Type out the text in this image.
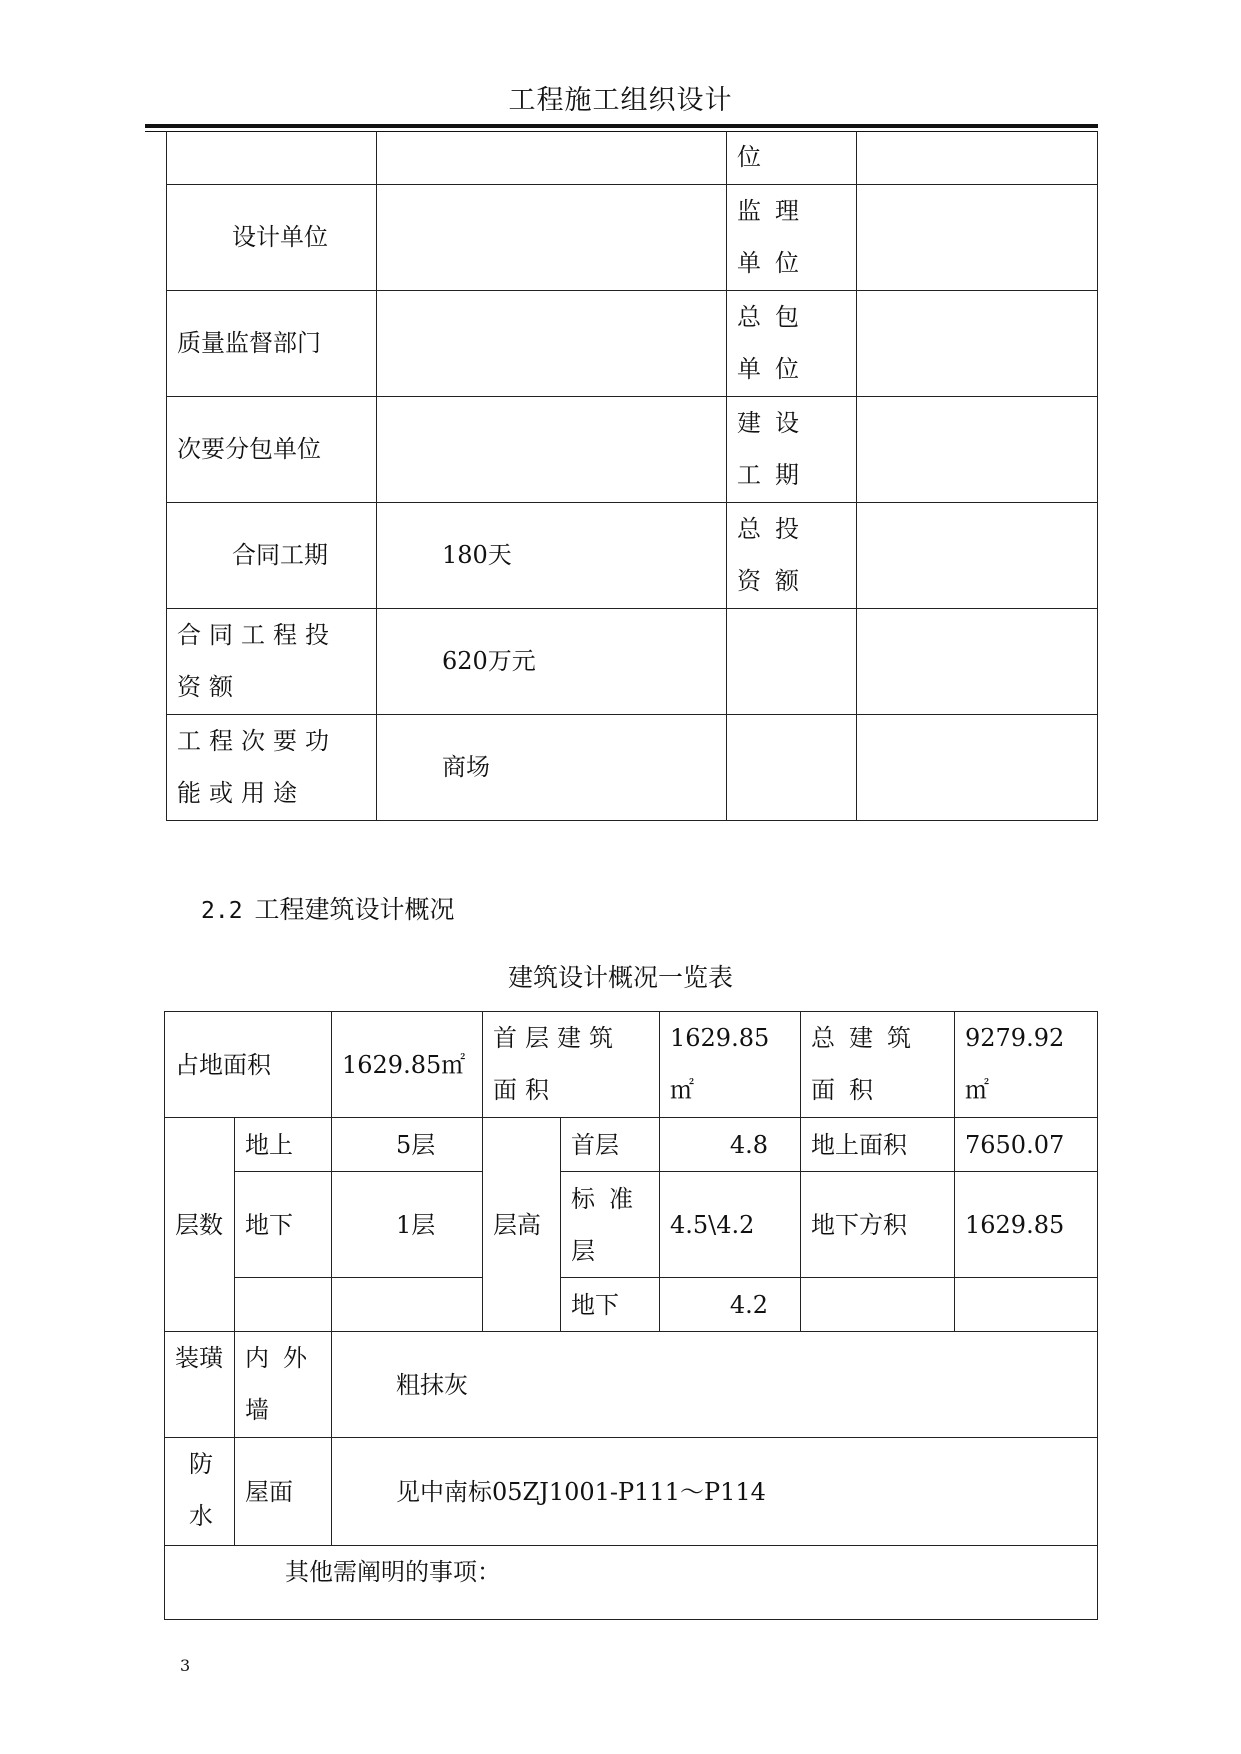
工程施工组织设计
		位	
设计单位		监理单位	
质量监督部门		总包单位	
次要分包单位		建设工期	
合同工期	180天	总投资额	
合同工程投资额	620万元		
工程次要功能或用途	商场		
2.2 工程建筑设计概况
建筑设计概况一览表
占地面积		1629.85㎡	首层建筑面积		1629.85㎡	总建筑面积	9279.92㎡
层数	地上	5层	层高	首层	4.8	地上面积	7650.07
	地下	1层		标准层	4.5\4.2	地下方积	1629.85
				地下	4.2		
装璜	内外墙	粗抹灰					
防水	屋面	见中南标05ZJ1001-P111～P114					
其他需阐明的事项：							
3
